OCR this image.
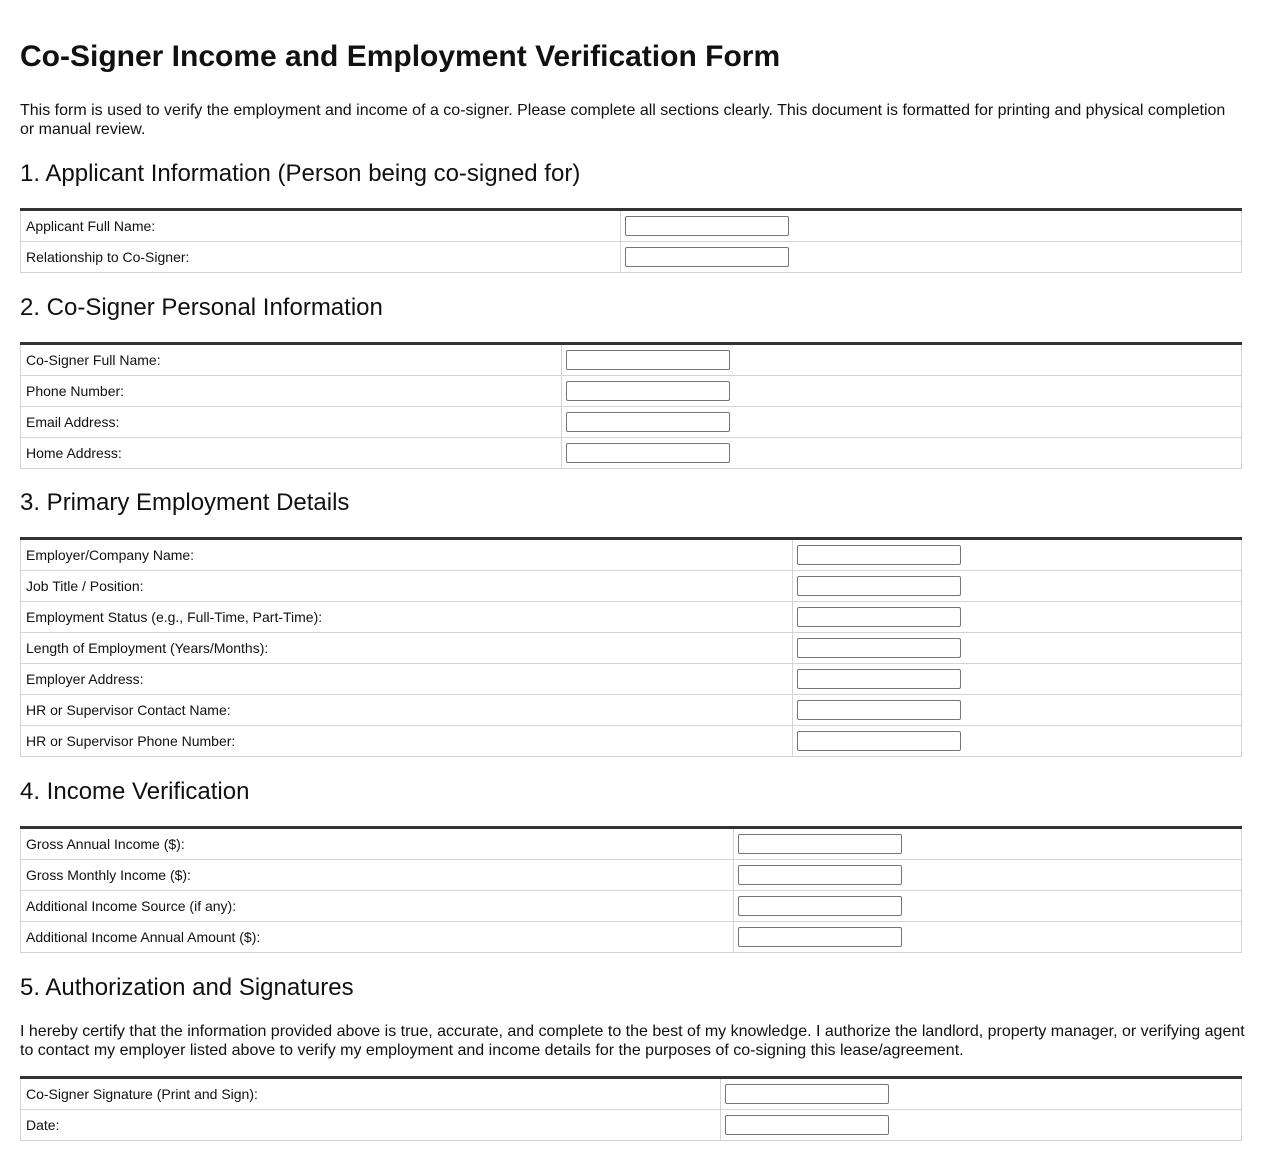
Co-Signer Income and Employment Verification Form

This form is used to verify the employment and income of a co-signer. Please complete all sections clearly. This document is formatted for printing and physical completion or manual review.

1. Applicant Information (Person being co-signed for)
Applicant Full Name:	

Relationship to Co-Signer:	
2. Co-Signer Personal Information
Co-Signer Full Name:	

Phone Number:	

Email Address:	

Home Address:	
3. Primary Employment Details
Employer/Company Name:	

Job Title / Position:	

Employment Status (e.g., Full-Time, Part-Time):	

Length of Employment (Years/Months):	

Employer Address:	

HR or Supervisor Contact Name:	

HR or Supervisor Phone Number:	
4. Income Verification
Gross Annual Income ($):	

Gross Monthly Income ($):	

Additional Income Source (if any):	

Additional Income Annual Amount ($):	
5. Authorization and Signatures

I hereby certify that the information provided above is true, accurate, and complete to the best of my knowledge. I authorize the landlord, property manager, or verifying agent to contact my employer listed above to verify my employment and income details for the purposes of co-signing this lease/agreement.

Co-Signer Signature (Print and Sign):	

Date:	
